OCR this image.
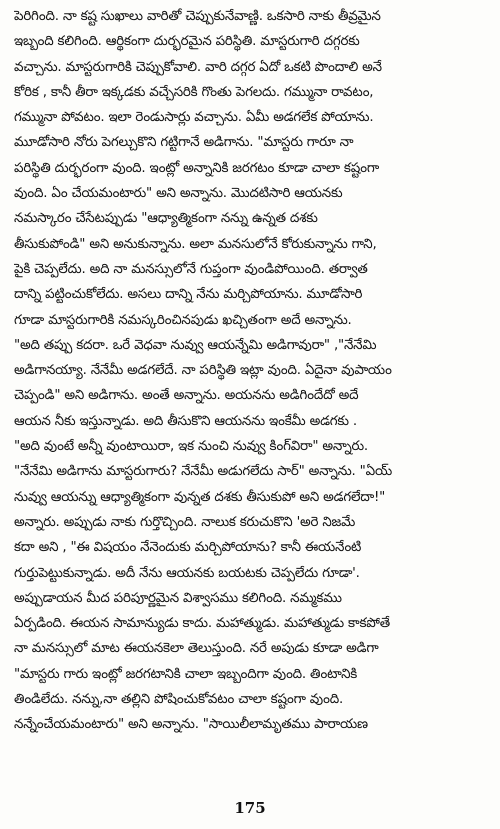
పెరిగింది. నా కష్ట సుఖాలు వారితో చెప్పుకునేవాణ్ణి. ఒకసారి నాకు తీవ్రమైన
ఇబ్బంది కలిగింది. ఆర్థికంగా దుర్భరమైన పరిస్థితి. మాస్టరుగారి దగ్గరకు
వచ్చాను. మాస్టరుగారికి చెప్పుకోవాలి. వారి దగ్గర ఏదో ఒకటి పొందాలి అనే
కోరిక , కానీ తీరా ఇక్కడకు వచ్చేసరికి గొంతు పెగలదు. గమ్మునా రావటం,
గమ్మునా పోవటం. ఇలా రెండుసార్లు వచ్చాను. ఏమీ అడగలేక పోయాను.
మూడోసారి నోరు పెగల్చుకొని గట్టిగానే అడిగాను. "మాస్టరు గారూ నా
పరిస్థితి దుర్భరంగా వుంది. ఇంట్లో అన్నానికి జరగటం కూడా చాలా కష్టంగా
వుంది. ఏం చేయమంటారు" అని అన్నాను. మొదటిసారి ఆయనకు
నమస్కారం చేసేటప్పుడు "ఆధ్యాత్మికంగా నన్ను ఉన్నత దశకు
తీసుకుపోండి" అని అనుకున్నాను. అలా మనసులోనే కోరుకున్నాను గాని,
పైకి చెప్పలేదు. అది నా మనస్సులోనే గుప్తంగా వుండిపోయింది. తర్వాత
దాన్ని పట్టించుకోలేదు. అసలు దాన్ని నేను మర్చిపోయాను. మూడోసారి
గూడా మాస్టరుగారికి నమస్కరించినపుడు ఖచ్చితంగా అదే అన్నాను.
"అది తప్పు కదరా. ఒరే వెధవా నువ్వు ఆయన్నేమి అడిగావురా" ,"నేనేమి
అడిగానయ్యా. నేనేమీ అడగలేదే. నా పరిస్థితి ఇట్లా వుంది. ఏదైనా వుపాయం
చెప్పండి" అని అడిగాను. అంతే అన్నాను. అయనను అడిగిందేదో అదే
ఆయన నీకు ఇస్తున్నాడు. అది తీసుకొని ఆయనను ఇంకేమీ అడగకు .
"అది వుంటే అన్నీ వుంటాయిరా, ఇక నుంచి నువ్వు కింగ్‌విరా" అన్నారు.
"నేనేమి అడిగాను మాస్టరుగారు? నేనేమీ అడుగలేదు సార్" అన్నాను. "ఏయ్
నువ్వు ఆయన్ను ఆధ్యాత్మికంగా వున్నత దశకు తీసుకుపో అని అడగలేదా!"
అన్నారు. అప్పుడు నాకు గుర్తొచ్చింది. నాలుక కరుచుకొని 'అరె నిజమే
కదా అని , "ఈ విషయం నేనెందుకు మర్చిపోయాను? కానీ ఈయనేంటి
గుర్తుపెట్టుకున్నాడు. అదీ నేను ఆయనకు బయటకు చెప్పలేదు గూడా'.
అప్పుడాయన మీద పరిపూర్ణమైన విశ్వాసము కలిగింది. నమ్మకము
ఏర్పడింది. ఈయన సామాన్యుడు కాదు. మహాత్ముడు. మహాత్ముడు కాకపోతే
నా మనస్సులో మాట ఈయనకెలా తెలుస్తుంది. నరే అపుడు కూడా అడిగా
"మాస్టరు గారు ఇంట్లో జరగటానికి చాలా ఇబ్బందిగా వుంది. తింటానికి
తిండిలేదు. నన్ను,నా తల్లిని పోషించుకోవటం చాలా కష్టంగా వుంది.
నన్నేంచేయమంటారు" అని అన్నాను. "సాయిలీలామృతము పారాయణ
175
